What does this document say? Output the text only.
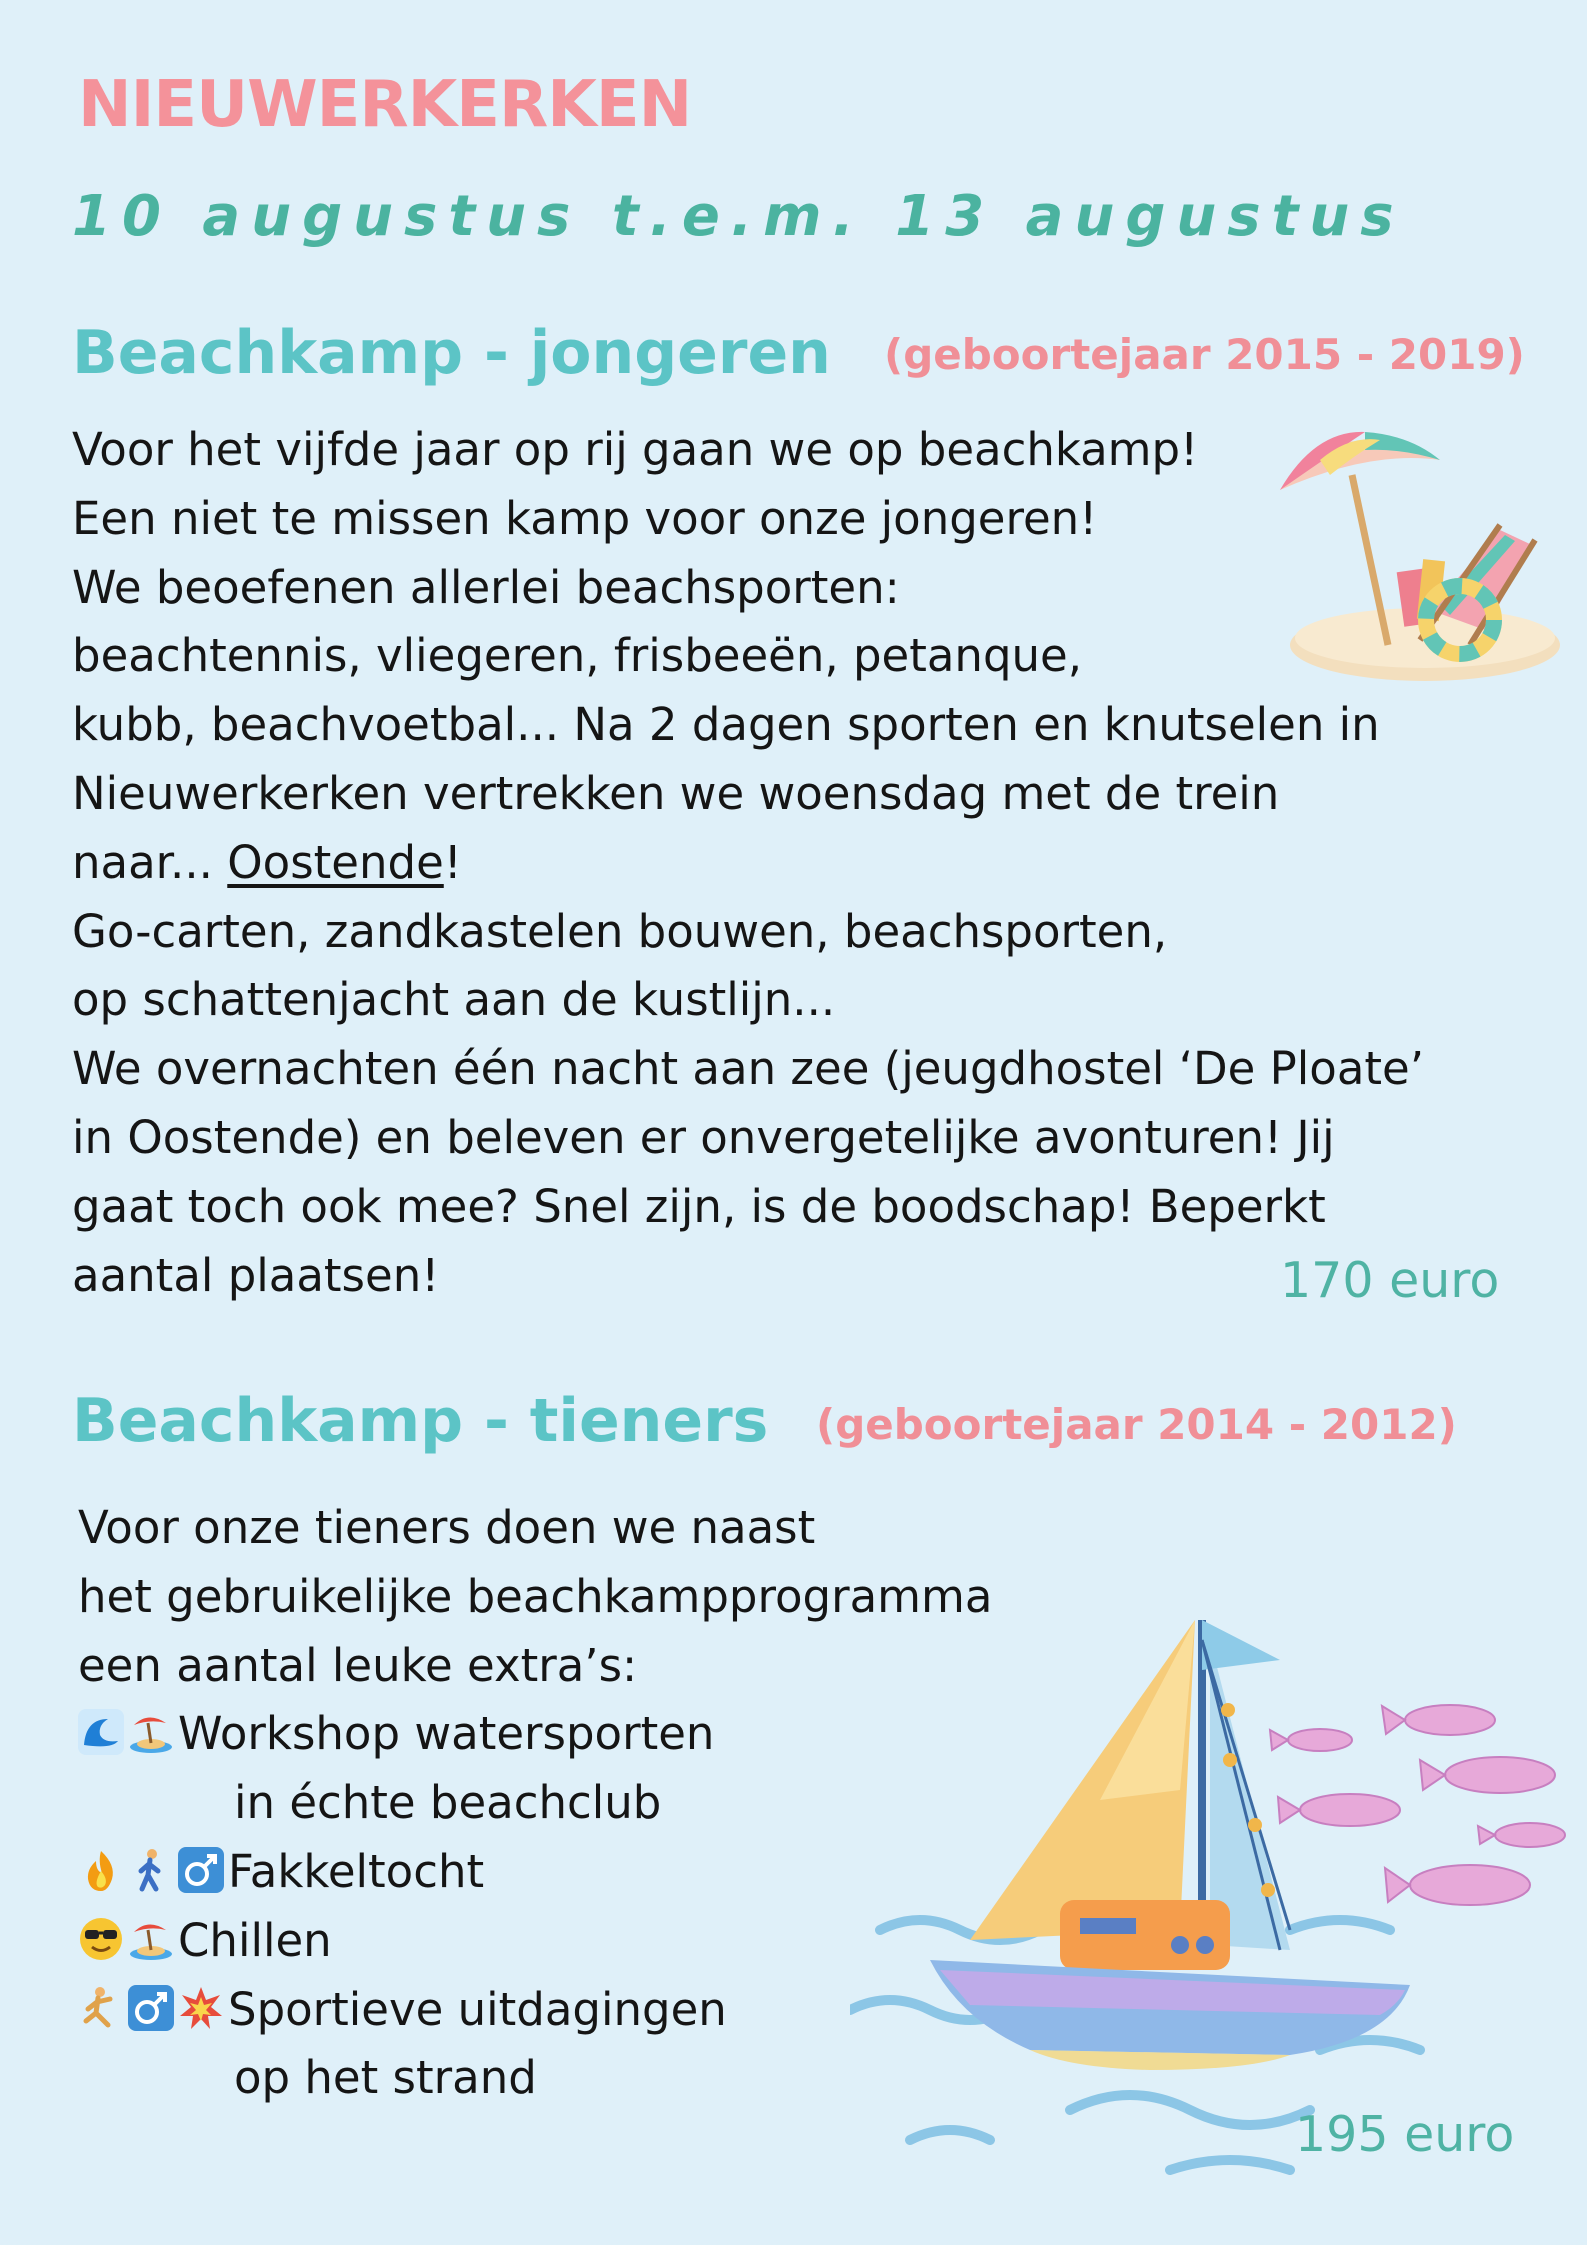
NIEUWERKERKEN
10 augustus t.e.m. 13 augustus
Beachkamp - jongeren (geboortejaar 2015 - 2019)
Voor het vijfde jaar op rij gaan we op beachkamp!
Een niet te missen kamp voor onze jongeren!
We beoefenen allerlei beachsporten:
beachtennis, vliegeren, frisbeeën, petanque,
kubb, beachvoetbal... Na 2 dagen sporten en knutselen in
Nieuwerkerken vertrekken we woensdag met de trein
naar... Oostende!
Go-carten, zandkastelen bouwen, beachsporten,
op schattenjacht aan de kustlijn...
We overnachten één nacht aan zee (jeugdhostel ‘De Ploate’
in Oostende) en beleven er onvergetelijke avonturen! Jij
gaat toch ook mee? Snel zijn, is de boodschap! Beperkt
aantal plaatsen!	170 euro
Beachkamp - tieners (geboortejaar 2014 - 2012)
Voor onze tieners doen we naast
het gebruikelijke beachkampprogramma
een aantal leuke extra’s:
Workshop watersporten
in échte beachclub
Fakkeltocht
Chillen
Sportieve uitdagingen
op het strand
195 euro
